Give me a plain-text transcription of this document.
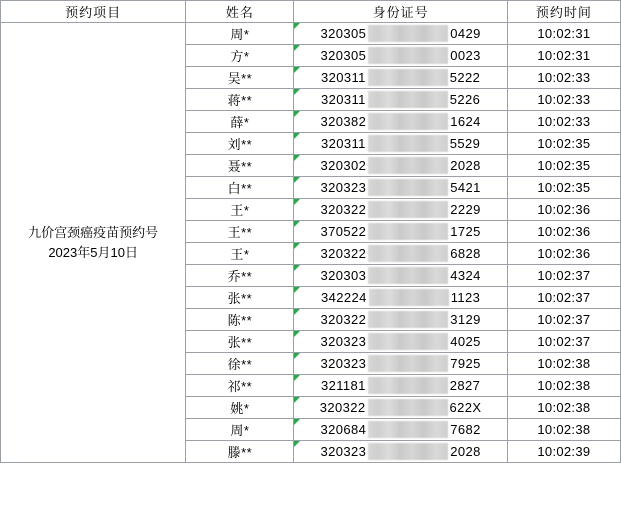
预约项目	姓名	身份证号	预约时间

九价宫颈癌疫苗预约号
2023年5月10日	周*	320305 0429	10:02:31
	方*	320305 0023	10:02:31
	吴**	320311 5222	10:02:33
	蒋**	320311 5226	10:02:33
	薛*	320382 1624	10:02:33
	刘**	320311 5529	10:02:35
	聂**	320302 2028	10:02:35
	白**	320323 5421	10:02:35
	王*	320322 2229	10:02:36
	王**	370522 1725	10:02:36
	王*	320322 6828	10:02:36
	乔**	320303 4324	10:02:37
	张**	342224 1123	10:02:37
	陈**	320322 3129	10:02:37
	张**	320323 4025	10:02:37
	徐**	320323 7925	10:02:38
	祁**	321181 2827	10:02:38
	姚*	320322 622X	10:02:38
	周*	320684 7682	10:02:38
	滕**	320323 2028	10:02:39
